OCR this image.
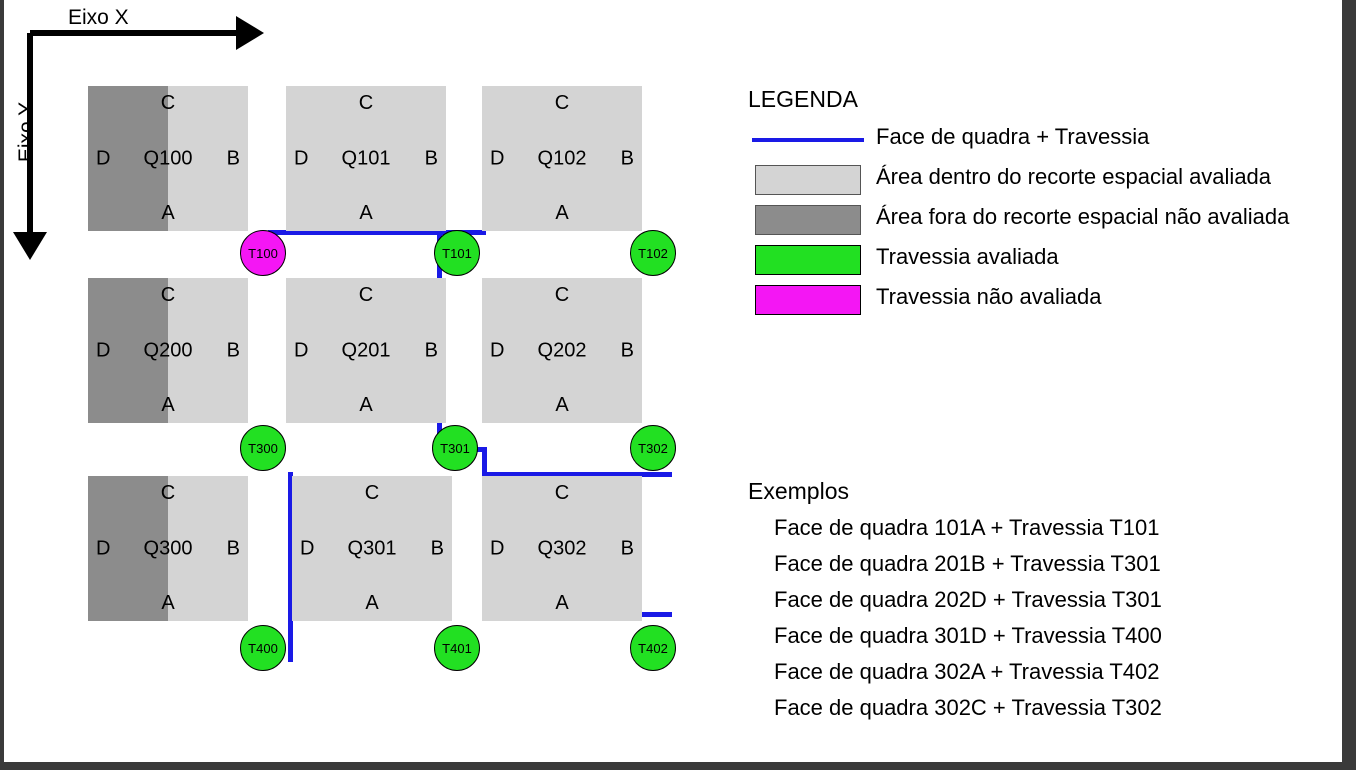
Eixo X
Eixo Y	C
A
D	B
Q100
C
A
D	B
Q101
C
A
D	B
Q102
C
A
D	B
Q200
C
A
D	B
Q201
C
A
D	B
Q202
C
A
D	B
Q300
C
A
D	B
Q301
C
A
D	B
Q302
T100	T101	T102
T300	T301	T302
T400	T401	T402
LEGENDA
Face de quadra + Travessia
Área dentro do recorte espacial avaliada
Área fora do recorte espacial não avaliada
Travessia avaliada
Travessia não avaliada
Exemplos
Face de quadra 101A + Travessia T101
Face de quadra 201B + Travessia T301
Face de quadra 202D + Travessia T301
Face de quadra 301D + Travessia T400
Face de quadra 302A + Travessia T402
Face de quadra 302C + Travessia T302
